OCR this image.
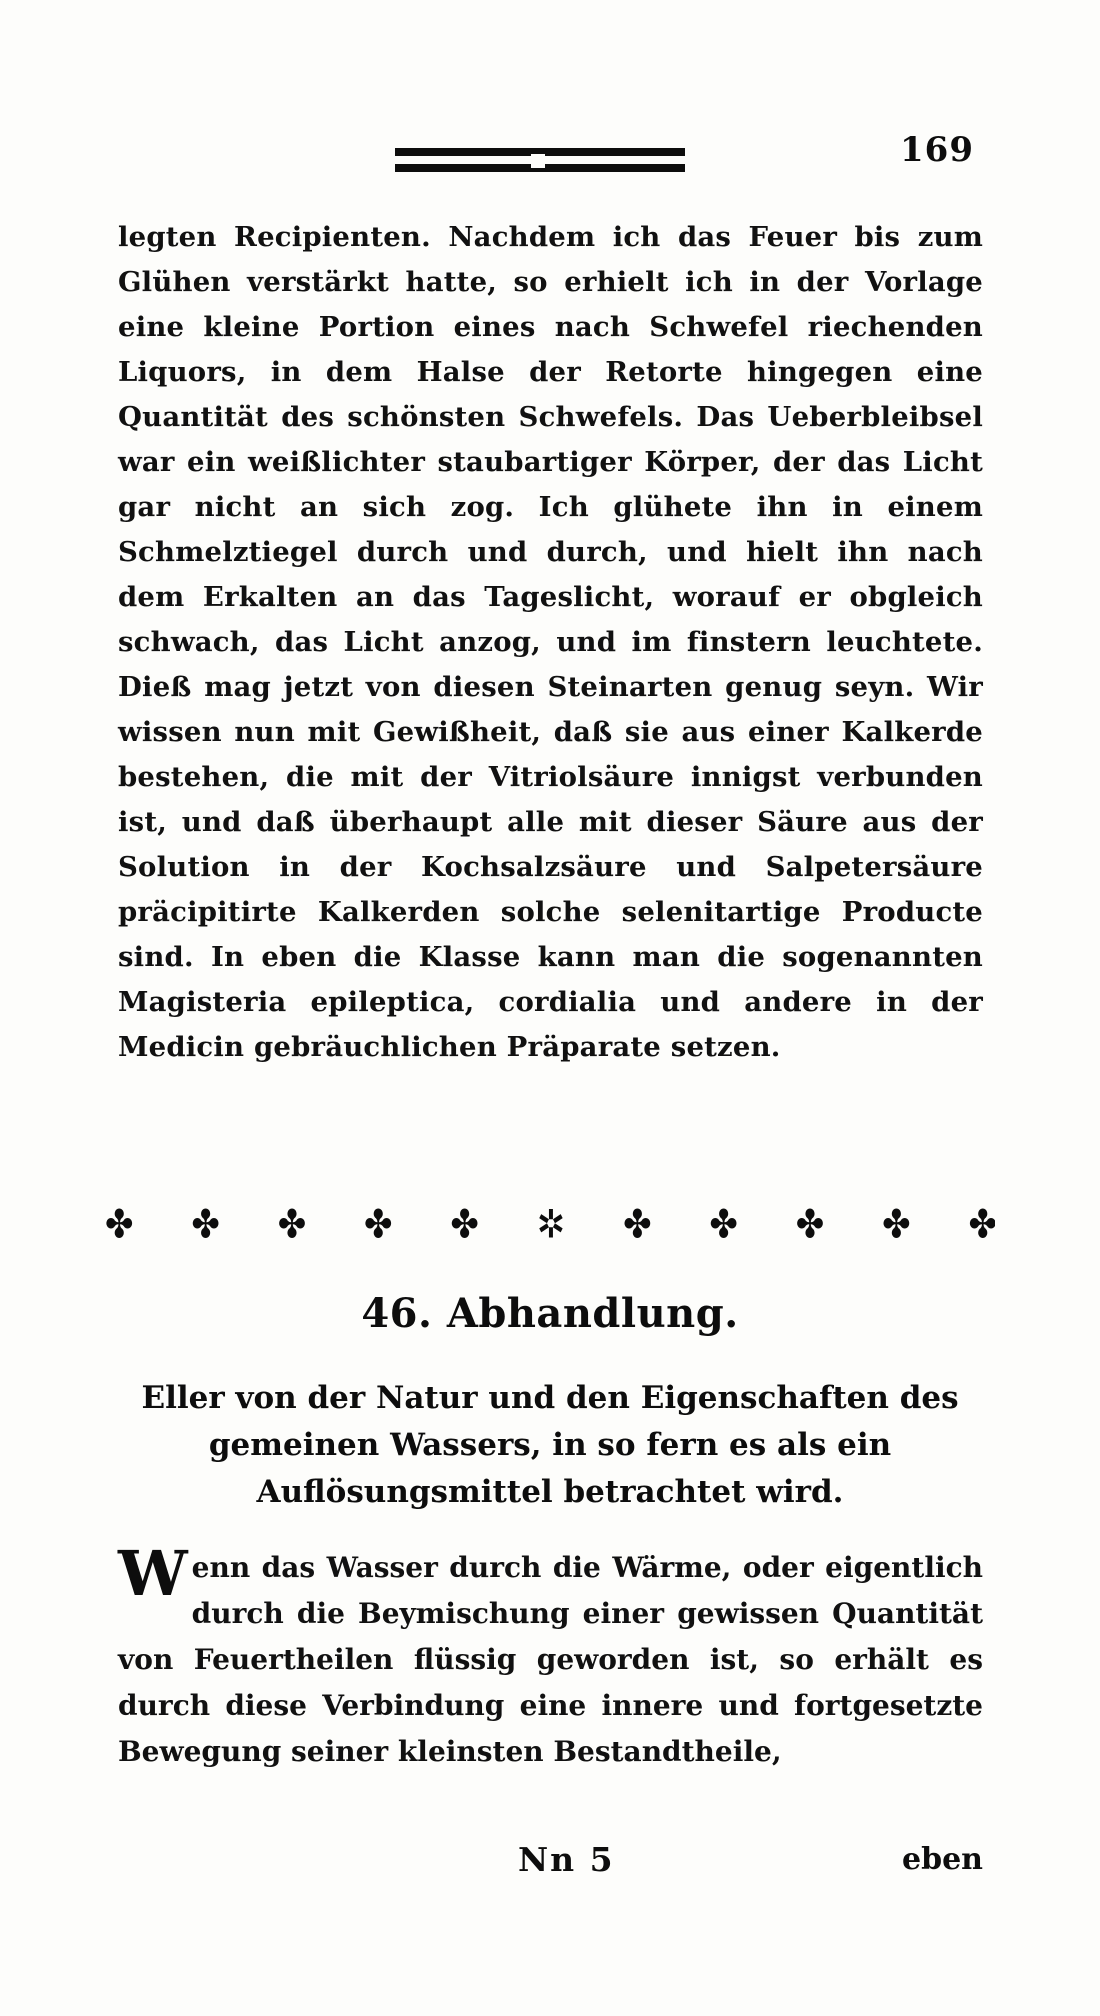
169

legten Recipienten. Nachdem ich das Feuer bis zum Glühen verstärkt hatte, so erhielt ich in der Vorlage eine kleine Portion eines nach Schwefel riechenden Liquors, in dem Halse der Retorte hingegen eine Quantität des schönsten Schwefels. Das Ueberbleibsel war ein weißlichter staubartiger Körper, der das Licht gar nicht an sich zog. Ich glühete ihn in einem Schmelztiegel durch und durch, und hielt ihn nach dem Erkalten an das Tageslicht, worauf er obgleich schwach, das Licht anzog, und im finstern leuchtete. Dieß mag jetzt von diesen Steinarten genug seyn. Wir wissen nun mit Gewißheit, daß sie aus einer Kalkerde bestehen, die mit der Vitriolsäure innigst verbunden ist, und daß überhaupt alle mit dieser Säure aus der Solution in der Kochsalzsäure und Salpetersäure präcipitirte Kalkerden solche selenitartige Producte sind. In eben die Klasse kann man die sogenannten Magisteria epileptica, cordialia und andere in der Medicin gebräuchlichen Präparate setzen.

✤ ✤ ✤ ✤ ✤ ✲ ✤ ✤ ✤ ✤ ✤
46. Abhandlung.
Eller von der Natur und den Eigenschaften des gemeinen Wassers, in so fern es als ein Auflösungsmittel betrachtet wird.
Wenn das Wasser durch die Wärme, oder eigentlich durch die Beymischung einer gewissen Quantität von Feuertheilen flüssig geworden ist, so erhält es durch diese Verbindung eine innere und fortgesetzte Bewegung seiner kleinsten Bestandtheile,
Nn 5	eben
